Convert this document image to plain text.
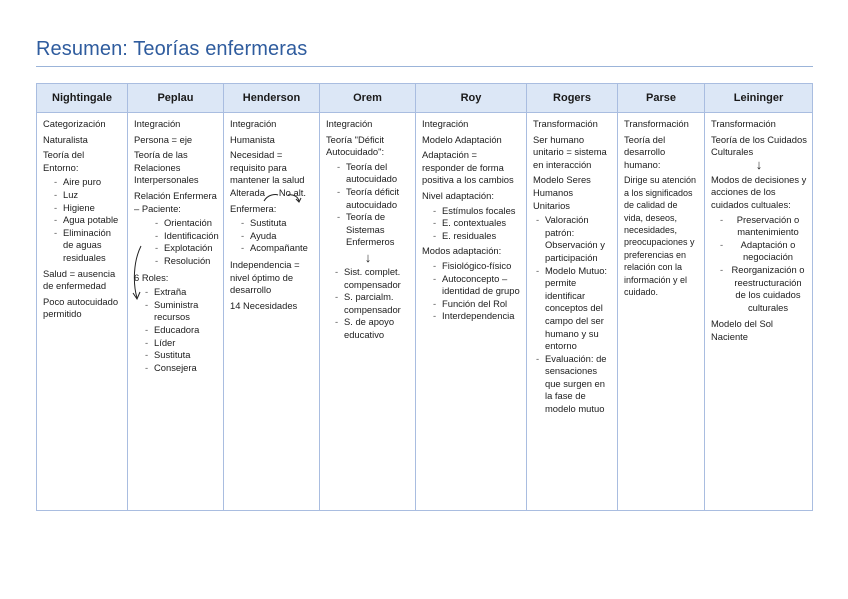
Resumen: Teorías enfermeras
Nightingale
Categorización
Naturalista
Teoría del Entorno:
- Aire puro
- Luz
- Higiene
- Agua potable
- Eliminación de aguas residuales
Salud = ausencia de enfermedad
Poco autocuidado permitido
Peplau
Integración
Persona = eje
Teoría de las Relaciones Interpersonales
Relación Enfermera – Paciente:
- Orientación
- Identificación
- Explotación
- Resolución
6 Roles:
- Extraña
- Suministra recursos
- Educadora
- Líder
- Sustituta
- Consejera
Henderson
Integración
Humanista
Necesidad = requisito para mantener la salud
Alterada No alt.
Enfermera:
- Sustituta
- Ayuda
- Acompañante
Independencia = nivel óptimo de desarrollo
14 Necesidades
Orem
Integración
Teoría "Déficit Autocuidado":
- Teoría del autocuidado
- Teoría déficit autocuidado
- Teoría de Sistemas Enfermeros
↓
- Sist. complet. compensador
- S. parcialm. compensador
- S. de apoyo educativo
Roy
Integración
Modelo Adaptación
Adaptación = responder de forma positiva a los cambios
Nivel adaptación:
- Estímulos focales
- E. contextuales
- E. residuales
Modos adaptación:
- Fisiológico-físico
- Autoconcepto – identidad de grupo
- Función del Rol
- Interdependencia
Rogers
Transformación
Ser humano unitario = sistema en interacción
Modelo Seres Humanos Unitarios
- Valoración patrón: Observación y participación
- Modelo Mutuo: permite identificar conceptos del campo del ser humano y su entorno
- Evaluación: de sensaciones que surgen en la fase de modelo mutuo
Parse
Transformación
Teoría del desarrollo humano:
Dirige su atención a los significados de calidad de vida, deseos, necesidades, preocupaciones y preferencias en relación con la información y el cuidado.
Leininger
Transformación
Teoría de los Cuidados Culturales
↓
Modos de decisiones y acciones de los cuidados cultuales:
- Preservación o mantenimiento
- Adaptación o negociación
- Reorganización o reestructuración de los cuidados culturales
Modelo del Sol Naciente
